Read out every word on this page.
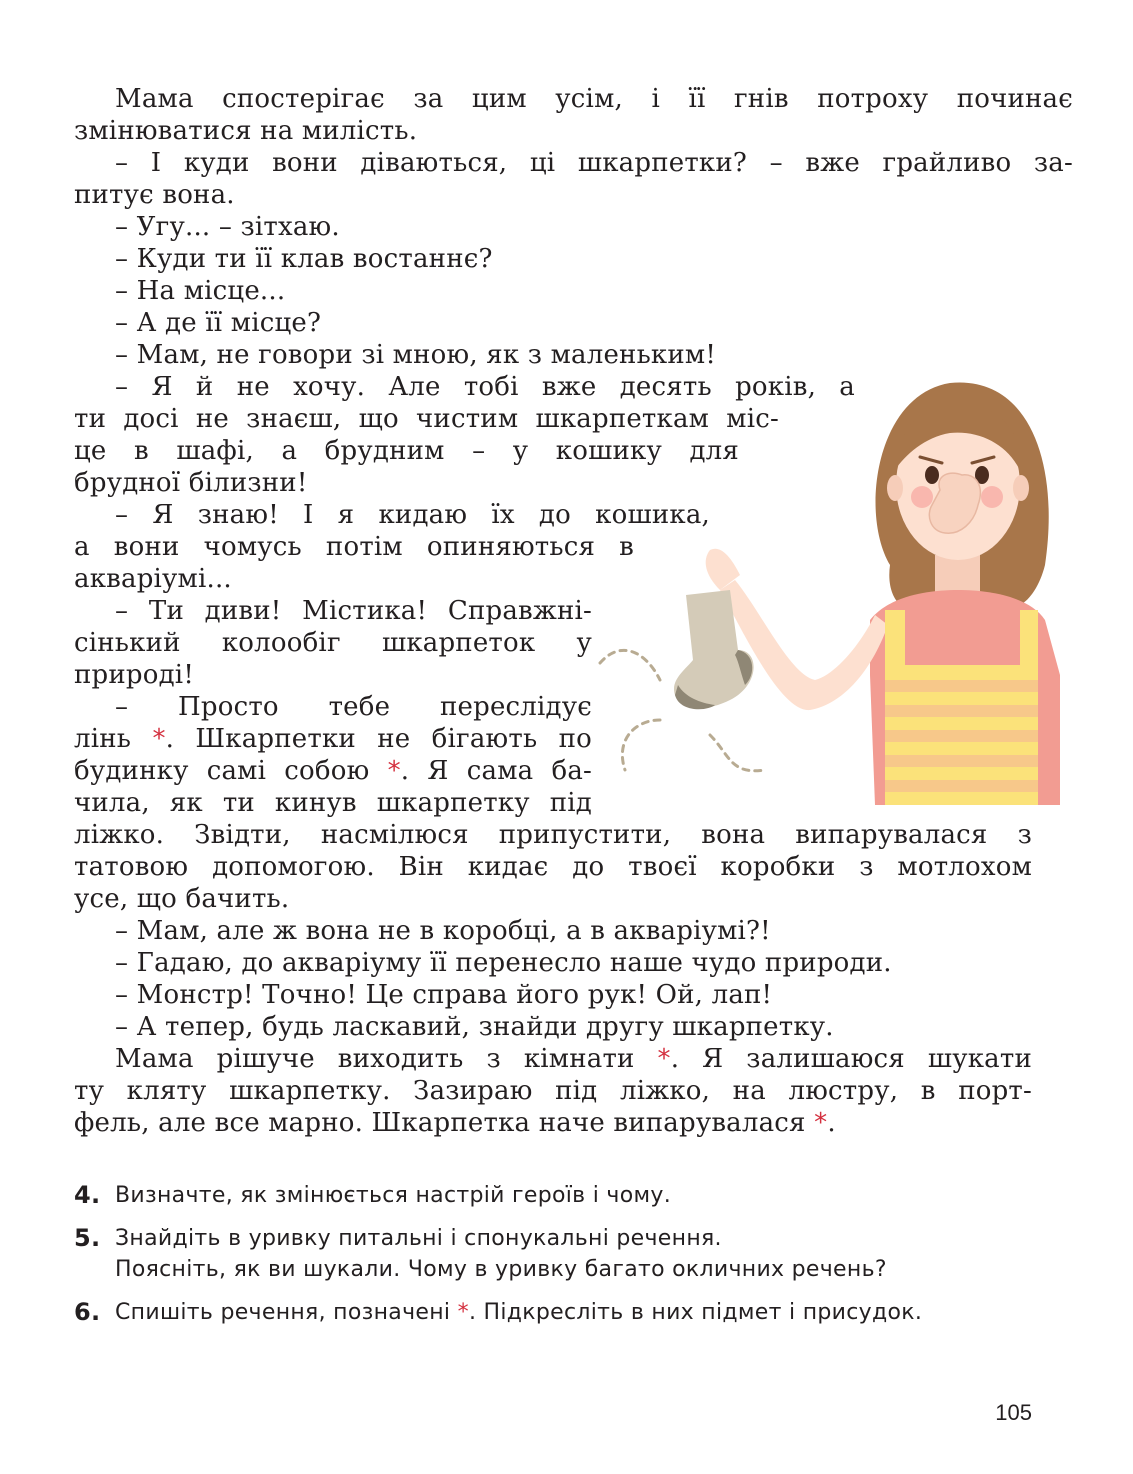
Мама спостерігає за цим усім, і її гнів потроху починає
змінюватися на милість.
– І куди вони діваються, ці шкарпетки? – вже грайливо за-
питує вона.
– Угу... – зітхаю.
– Куди ти її клав востаннє?
– На місце...
– А де її місце?
– Мам, не говори зі мною, як з маленьким!
– Я й не хочу. Але тобі вже десять років, а
ти досі не знаєш, що чистим шкарпеткам міс-
це в шафі, а брудним – у кошику для
брудної білизни!
– Я знаю! І я кидаю їх до кошика,
а вони чомусь потім опиняються в
акваріумі...
– Ти диви! Містика! Справжні-
сінький колообіг шкарпеток у
природі!
– Просто тебе переслідує
лінь *. Шкарпетки не бігають по
будинку самі собою *. Я сама ба-
чила, як ти кинув шкарпетку під
ліжко. Звідти, насмілюся припустити, вона випарувалася з
татовою допомогою. Він кидає до твоєї коробки з мотлохом
усе, що бачить.
– Мам, але ж вона не в коробці, а в акваріумі?!
– Гадаю, до акваріуму її перенесло наше чудо природи.
– Монстр! Точно! Це справа його рук! Ой, лап!
– А тепер, будь ласкавий, знайди другу шкарпетку.
Мама рішуче виходить з кімнати *. Я залишаюся шукати
ту кляту шкарпетку. Зазираю під ліжко, на люстру, в порт-
фель, але все марно. Шкарпетка наче випарувалася *.
4. Визначте, як змінюється настрій героїв і чому.
5. Знайдіть в уривку питальні і спонукальні речення.
Поясніть, як ви шукали. Чому в уривку багато окличних речень?
6. Спишіть речення, позначені *. Підкресліть в них підмет і присудок.
105
